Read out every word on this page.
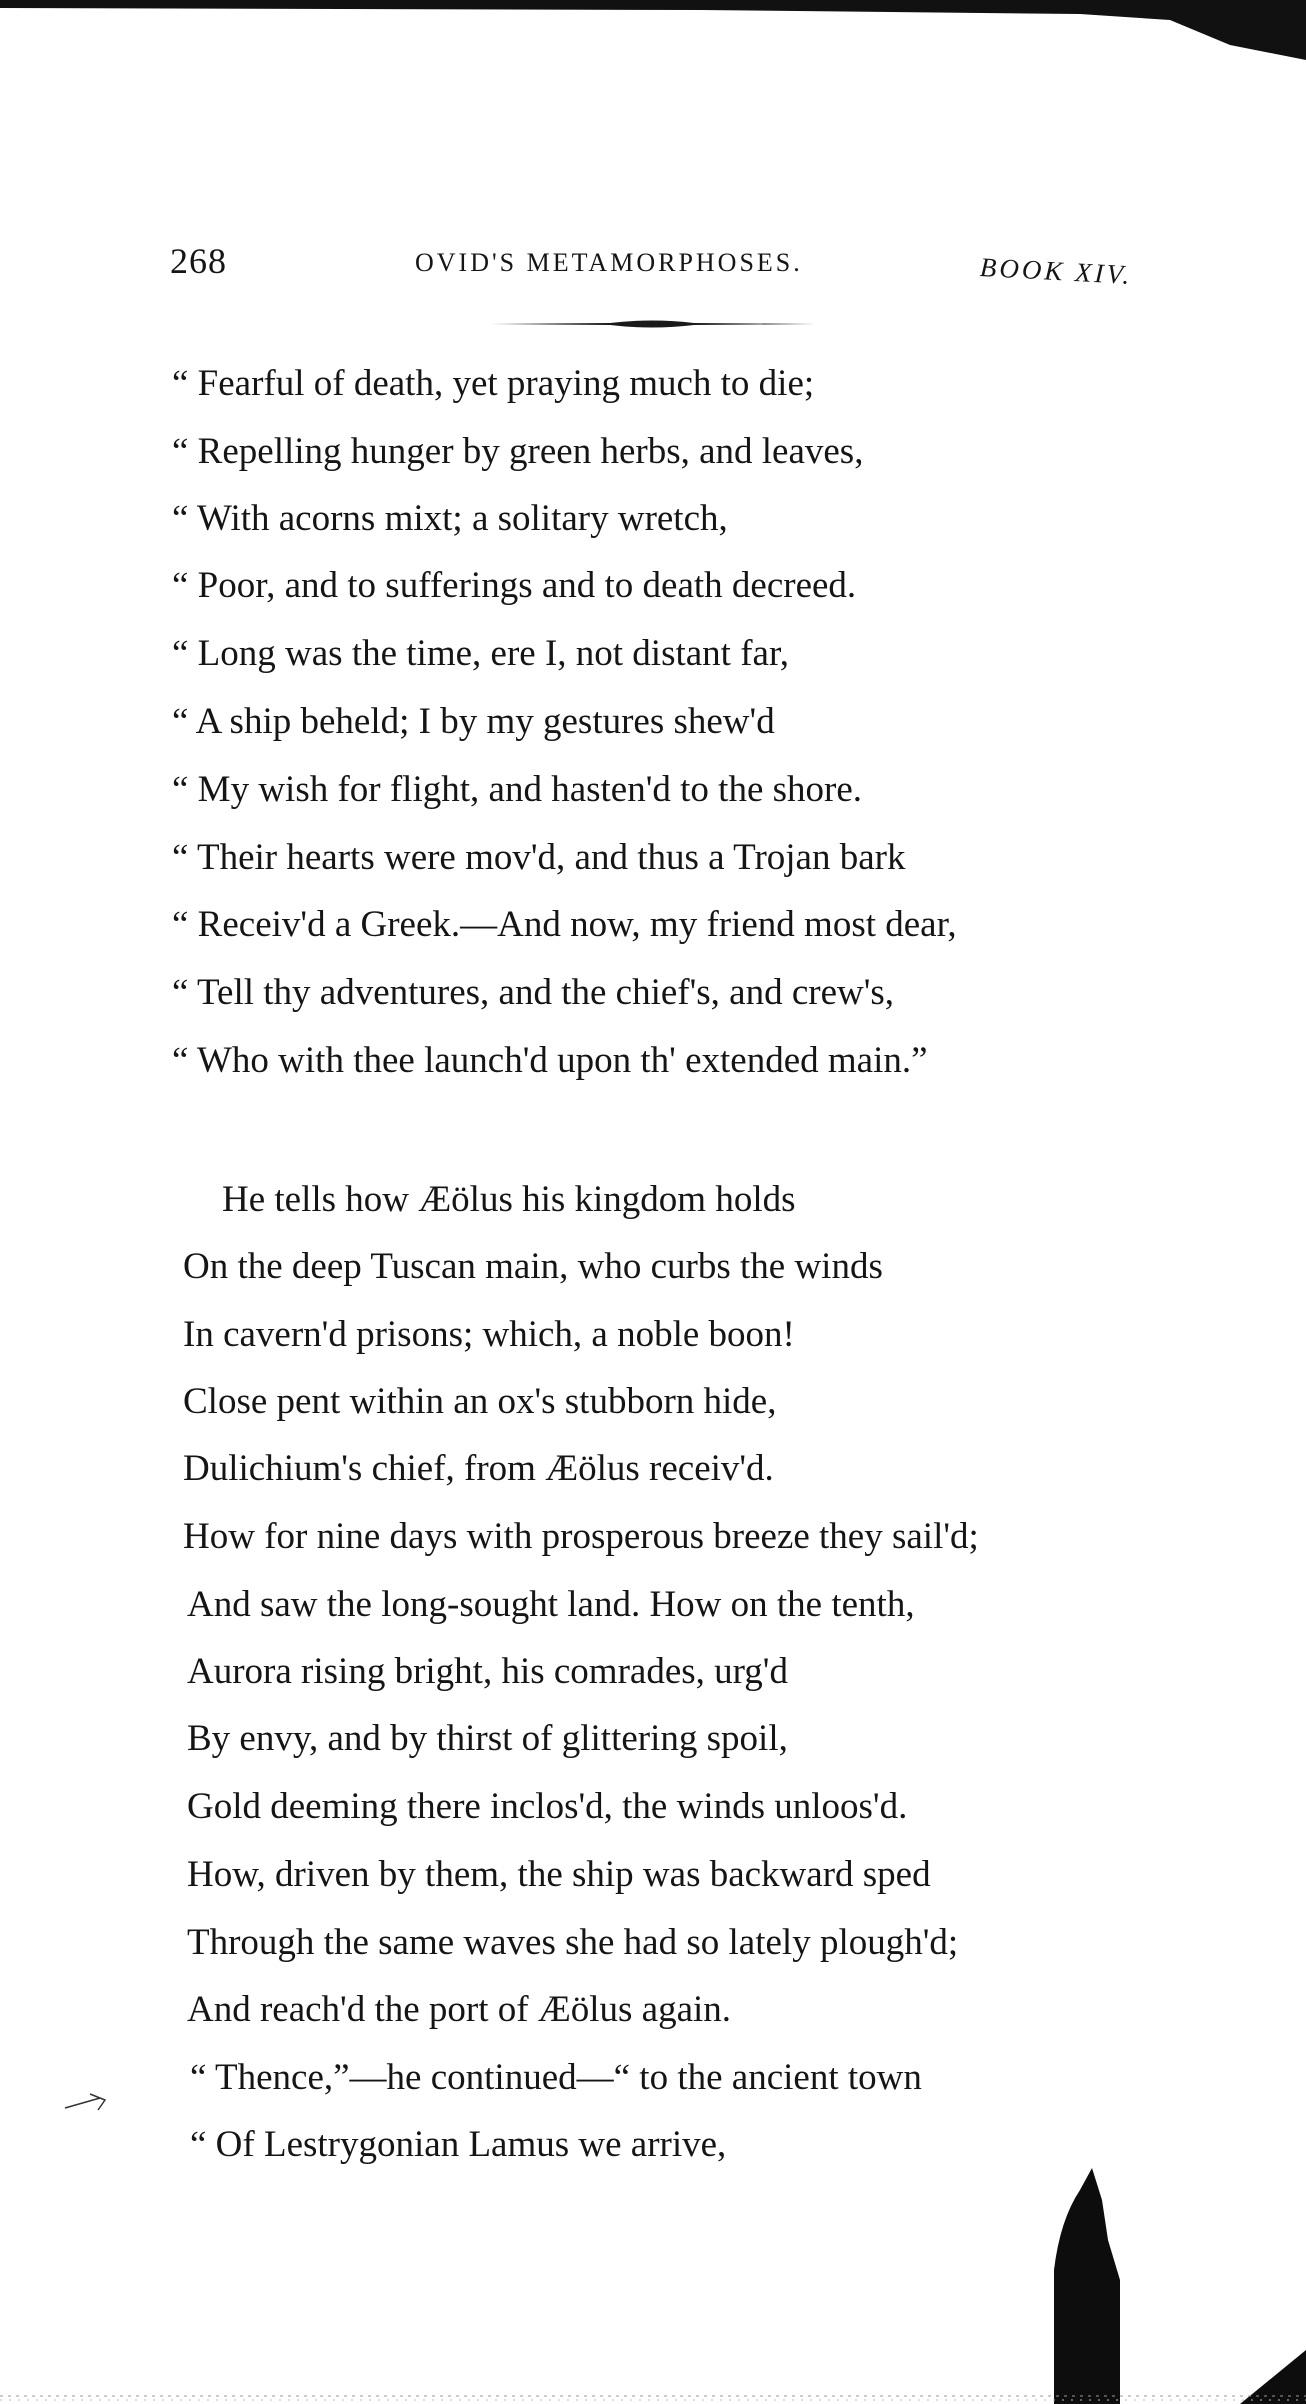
268	OVID'S METAMORPHOSES.	BOOK XIV.
“ Fearful of death, yet praying much to die;
“ Repelling hunger by green herbs, and leaves,
“ With acorns mixt; a solitary wretch,
“ Poor, and to sufferings and to death decreed.
“ Long was the time, ere I, not distant far,
“ A ship beheld; I by my gestures shew'd
“ My wish for flight, and hasten'd to the shore.
“ Their hearts were mov'd, and thus a Trojan bark
“ Receiv'd a Greek.—And now, my friend most dear,
“ Tell thy adventures, and the chief's, and crew's,
“ Who with thee launch'd upon th' extended main.”
He tells how Æölus his kingdom holds
On the deep Tuscan main, who curbs the winds
In cavern'd prisons; which, a noble boon!
Close pent within an ox's stubborn hide,
Dulichium's chief, from Æölus receiv'd.
How for nine days with prosperous breeze they sail'd;
And saw the long-sought land. How on the tenth,
Aurora rising bright, his comrades, urg'd
By envy, and by thirst of glittering spoil,
Gold deeming there inclos'd, the winds unloos'd.
How, driven by them, the ship was backward sped
Through the same waves she had so lately plough'd;
And reach'd the port of Æölus again.
“ Thence,”—he continued—“ to the ancient town
“ Of Lestrygonian Lamus we arrive,
